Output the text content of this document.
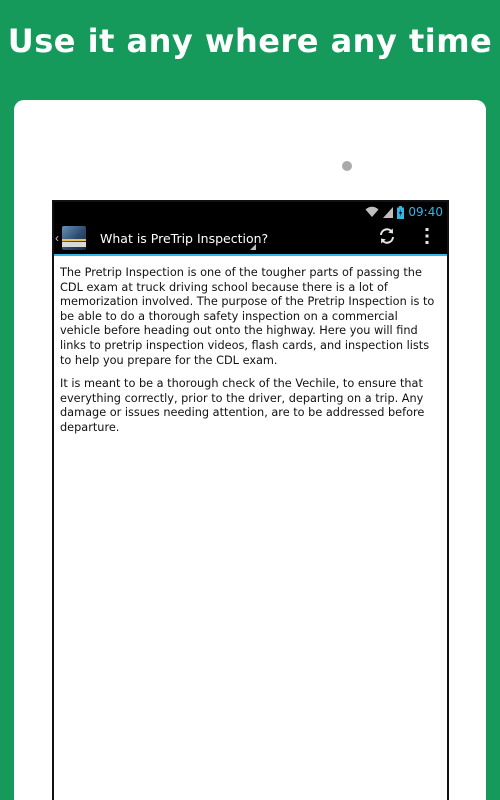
Use it any where any time
09:40
‹	What is PreTrip Inspection?

The Pretrip Inspection is one of the tougher parts of passing the CDL exam at truck driving school because there is a lot of memorization involved. The purpose of the Pretrip Inspection is to be able to do a thorough safety inspection on a commercial vehicle before heading out onto the highway. Here you will find links to pretrip inspection videos, flash cards, and inspection lists to help you prepare for the CDL exam.

It is meant to be a thorough check of the Vechile, to ensure that everything correctly, prior to the driver, departing on a trip. Any damage or issues needing attention, are to be addressed before departure.
